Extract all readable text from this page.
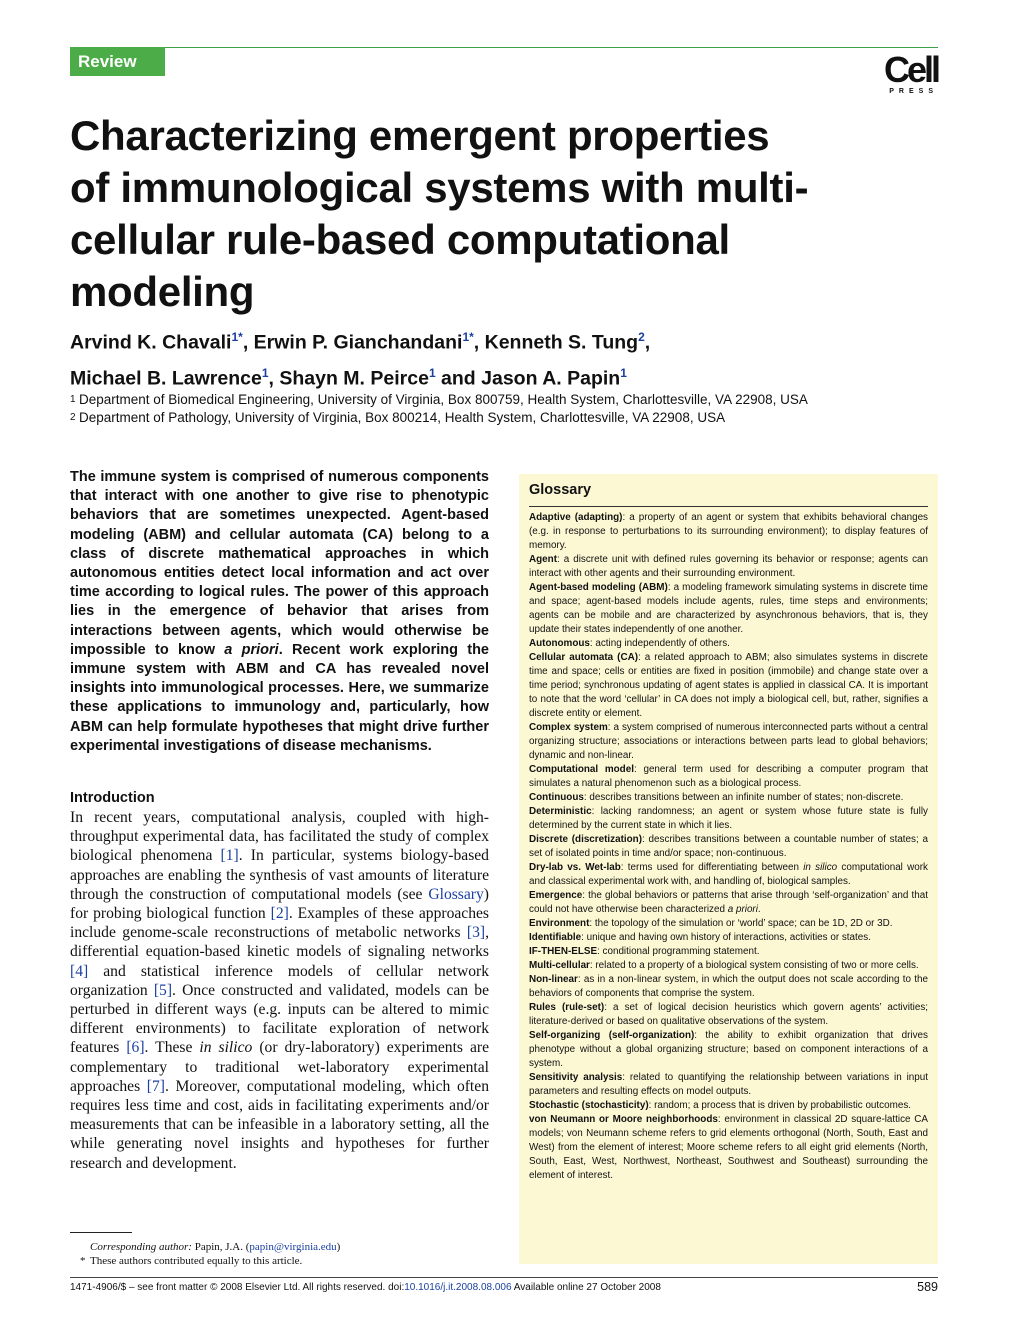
Review	Cell
PRESS
Characterizing emergent properties
of immunological systems with multi-
cellular rule-based computational
modeling
Arvind K. Chavali$^{1*}$, Erwin P. Gianchandani$^{1*}$, Kenneth S. Tung$^2$,
Michael B. Lawrence$^1$, Shayn M. Peirce$^1$ and Jason A. Papin$^1$
1 Department of Biomedical Engineering, University of Virginia, Box 800759, Health System, Charlottesville, VA 22908, USA
2 Department of Pathology, University of Virginia, Box 800214, Health System, Charlottesville, VA 22908, USA
The immune system is comprised of numerous components that interact with one another to give rise to phenotypic behaviors that are sometimes unexpected. Agent-based modeling (ABM) and cellular automata (CA) belong to a class of discrete mathematical approaches in which autonomous entities detect local information and act over time according to logical rules. The power of this approach lies in the emergence of behavior that arises from interactions between agents, which would otherwise be impossible to know a priori. Recent work exploring the immune system with ABM and CA has revealed novel insights into immunological processes. Here, we summarize these applications to immunology and, particularly, how ABM can help formulate hypotheses that might drive further experimental investigations of disease mechanisms.
Introduction
In recent years, computational analysis, coupled with high-throughput experimental data, has facilitated the study of complex biological phenomena [1]. In particular, systems biology-based approaches are enabling the synthesis of vast amounts of literature through the construction of computational models (see Glossary) for probing biological function [2]. Examples of these approaches include genome-scale reconstructions of metabolic networks [3], differential equation-based kinetic models of signaling networks [4] and statistical inference models of cellular network organization [5]. Once constructed and validated, models can be perturbed in different ways (e.g. inputs can be altered to mimic different environments) to facilitate exploration of network features [6]. These in silico (or dry-laboratory) experiments are complementary to traditional wet-laboratory experimental approaches [7]. Moreover, computational modeling, which often requires less time and cost, aids in facilitating experiments and/or measurements that can be infeasible in a laboratory setting, all the while generating novel insights and hypotheses for further research and development.
Corresponding author: Papin, J.A. (papin@virginia.edu)
* These authors contributed equally to this article.
Glossary

Adaptive (adapting): a property of an agent or system that exhibits behavioral changes (e.g. in response to perturbations to its surrounding environment); to display features of memory.

Agent: a discrete unit with defined rules governing its behavior or response; agents can interact with other agents and their surrounding environment.

Agent-based modeling (ABM): a modeling framework simulating systems in discrete time and space; agent-based models include agents, rules, time steps and environments; agents can be mobile and are characterized by asynchronous behaviors, that is, they update their states independently of one another.

Autonomous: acting independently of others.

Cellular automata (CA): a related approach to ABM; also simulates systems in discrete time and space; cells or entities are fixed in position (immobile) and change state over a time period; synchronous updating of agent states is applied in classical CA. It is important to note that the word ‘cellular’ in CA does not imply a biological cell, but, rather, signifies a discrete entity or element.

Complex system: a system comprised of numerous interconnected parts without a central organizing structure; associations or interactions between parts lead to global behaviors; dynamic and non-linear.

Computational model: general term used for describing a computer program that simulates a natural phenomenon such as a biological process.

Continuous: describes transitions between an infinite number of states; non-discrete.

Deterministic: lacking randomness; an agent or system whose future state is fully determined by the current state in which it lies.

Discrete (discretization): describes transitions between a countable number of states; a set of isolated points in time and/or space; non-continuous.

Dry-lab vs. Wet-lab: terms used for differentiating between in silico computational work and classical experimental work with, and handling of, biological samples.

Emergence: the global behaviors or patterns that arise through ‘self-organization’ and that could not have otherwise been characterized a priori.

Environment: the topology of the simulation or ‘world’ space; can be 1D, 2D or 3D.

Identifiable: unique and having own history of interactions, activities or states.

IF-THEN-ELSE: conditional programming statement.

Multi-cellular: related to a property of a biological system consisting of two or more cells.

Non-linear: as in a non-linear system, in which the output does not scale according to the behaviors of components that comprise the system.

Rules (rule-set): a set of logical decision heuristics which govern agents’ activities; literature-derived or based on qualitative observations of the system.

Self-organizing (self-organization): the ability to exhibit organization that drives phenotype without a global organizing structure; based on component interactions of a system.

Sensitivity analysis: related to quantifying the relationship between variations in input parameters and resulting effects on model outputs.

Stochastic (stochasticity): random; a process that is driven by probabilistic outcomes.

von Neumann or Moore neighborhoods: environment in classical 2D square-lattice CA models; von Neumann scheme refers to grid elements orthogonal (North, South, East and West) from the element of interest; Moore scheme refers to all eight grid elements (North, South, East, West, Northwest, Northeast, Southwest and Southeast) surrounding the element of interest.

1471-4906/$ – see front matter © 2008 Elsevier Ltd. All rights reserved. doi:10.1016/j.it.2008.08.006 Available online 27 October 2008	589
